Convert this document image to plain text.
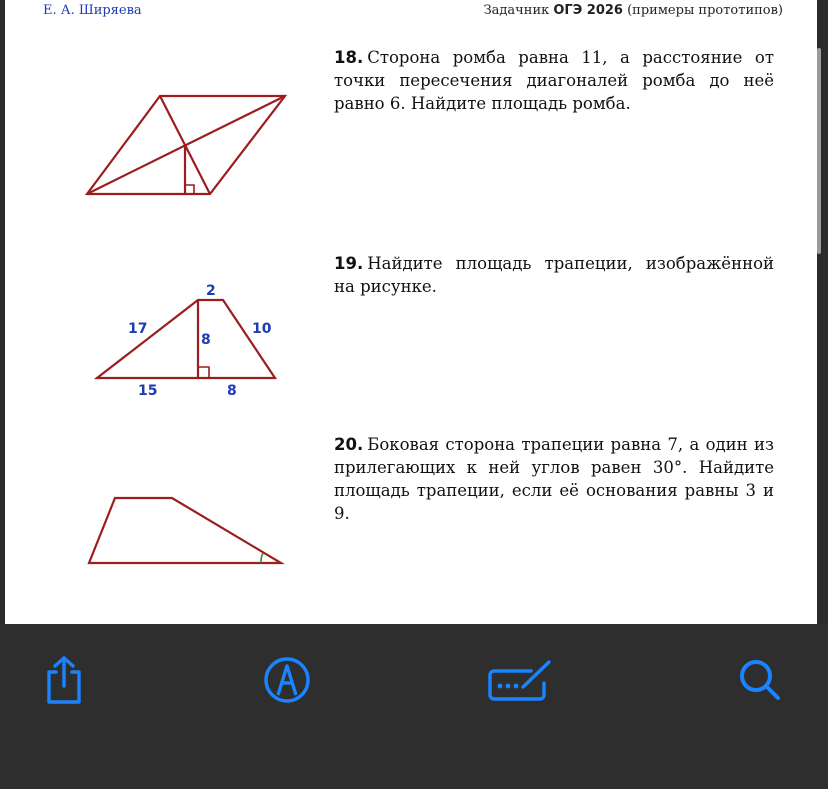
Е. А. Ширяева	Задачник ОГЭ 2026 (примеры прототипов)
18. Сторона ромба равна 11, а расстояние от точки пересечения диагоналей ромба до неё равно 6. Найдите площадь ромба.
2
17	10
8
15	8
19. Найдите площадь трапеции, изображённой на рисунке.
20. Боковая сторона трапеции равна 7, а один из прилегающих к ней углов равен 30°. Найдите площадь трапеции, если её основания равны 3 и 9.
